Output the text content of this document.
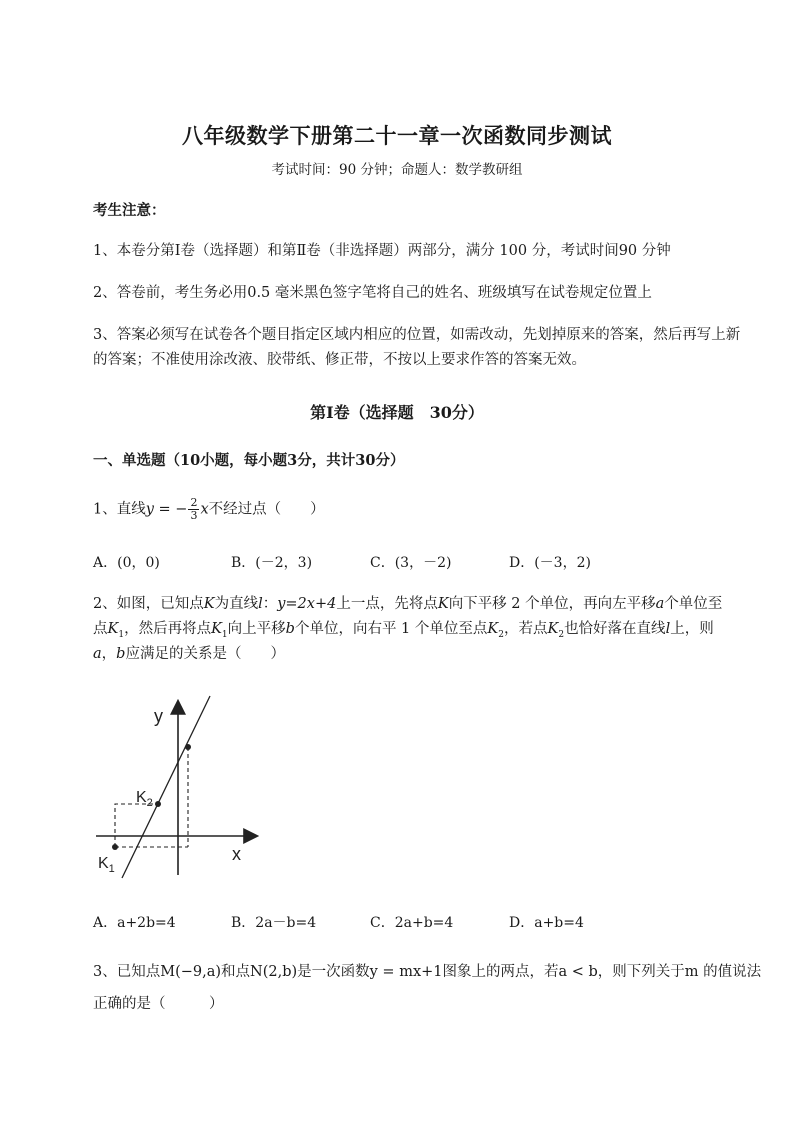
八年级数学下册第二十一章一次函数同步测试
考试时间：90 分钟；命题人：数学教研组
考生注意：
1、本卷分第Ⅰ卷（选择题）和第Ⅱ卷（非选择题）两部分，满分 100 分，考试时间90 分钟
2、答卷前，考生务必用0.5 毫米黑色签字笔将自己的姓名、班级填写在试卷规定位置上
3、答案必须写在试卷各个题目指定区域内相应的位置，如需改动，先划掉原来的答案，然后再写上新
的答案；不准使用涂改液、胶带纸、修正带，不按以上要求作答的答案无效。
第Ⅰ卷（选择题　30分）
一、单选题（10小题，每小题3分，共计30分）
1、直线y = − $\frac{2}{3}$ x不经过点（　　）
A．(0，0)	B．(－2，3)	C．(3，－2)	D．(－3，2)
2、如图，已知点K为直线l：y=2x+4上一点，先将点K向下平移 2 个单位，再向左平移a个单位至
点$K_1$，然后再将点$K_1$向上平移b个单位，向右平 1 个单位至点$K_2$，若点$K_2$也恰好落在直线l上，则
a，b应满足的关系是（　　）
y
x
$K_2$
$K_1$
A．a+2b=4	B．2a－b=4	C．2a+b=4	D．a+b=4
3、已知点M(−9,a)和点N(2,b)是一次函数y = mx+1图象上的两点，若a < b，则下列关于m 的值说法
正确的是（　　　）
